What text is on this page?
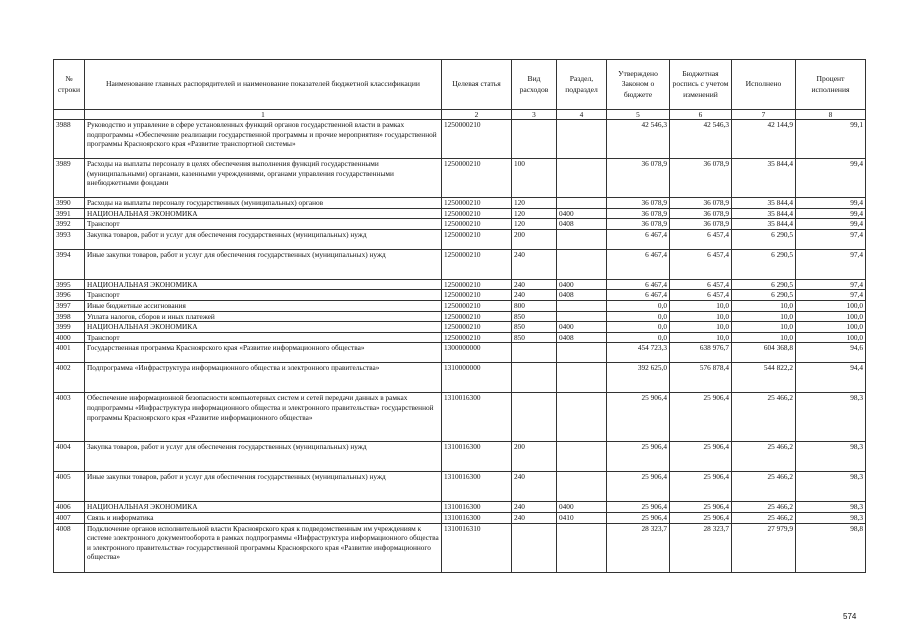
№ строки	Наименование главных распорядителей и наименование показателей бюджетной классификации	Целевая статья	Вид расходов	Раздел, подраздел	Утверждено Законом о бюджете	Бюджетная роспись с учетом изменений	Исполнено	Процент исполнения
	1	2	3	4	5	6	7	8
3988	Руководство и управление в сфере установленных функций органов государственной власти в рамках подпрограммы «Обеспечение реализации государственной программы и прочие мероприятия» государственной программы Красноярского края «Развитие транспортной системы»	1250000210			42 546,3	42 546,3	42 144,9	99,1
3989	Расходы на выплаты персоналу в целях обеспечения выполнения функций государственными (муниципальными) органами, казенными учреждениями, органами управления государственными внебюджетными фондами	1250000210	100		36 078,9	36 078,9	35 844,4	99,4
3990	Расходы на выплаты персоналу государственных (муниципальных) органов	1250000210	120		36 078,9	36 078,9	35 844,4	99,4
3991	НАЦИОНАЛЬНАЯ ЭКОНОМИКА	1250000210	120	0400	36 078,9	36 078,9	35 844,4	99,4
3992	Транспорт	1250000210	120	0408	36 078,9	36 078,9	35 844,4	99,4
3993	Закупка товаров, работ и услуг для обеспечения государственных (муниципальных) нужд	1250000210	200		6 467,4	6 457,4	6 290,5	97,4
3994	Иные закупки товаров, работ и услуг для обеспечения государственных (муниципальных) нужд	1250000210	240		6 467,4	6 457,4	6 290,5	97,4
3995	НАЦИОНАЛЬНАЯ ЭКОНОМИКА	1250000210	240	0400	6 467,4	6 457,4	6 290,5	97,4
3996	Транспорт	1250000210	240	0408	6 467,4	6 457,4	6 290,5	97,4
3997	Иные бюджетные ассигнования	1250000210	800		0,0	10,0	10,0	100,0
3998	Уплата налогов, сборов и иных платежей	1250000210	850		0,0	10,0	10,0	100,0
3999	НАЦИОНАЛЬНАЯ ЭКОНОМИКА	1250000210	850	0400	0,0	10,0	10,0	100,0
4000	Транспорт	1250000210	850	0408	0,0	10,0	10,0	100,0
4001	Государственная программа Красноярского края «Развитие информационного общества»	1300000000			454 723,3	638 976,7	604 368,8	94,6
4002	Подпрограмма «Инфраструктура информационного общества и электронного правительства»	1310000000			392 625,0	576 878,4	544 822,2	94,4
4003	Обеспечение информационной безопасности компьютерных систем и сетей передачи данных в рамках подпрограммы «Инфраструктура информационного общества и электронного правительства» государственной программы Красноярского края «Развитие информационного общества»	1310016300			25 906,4	25 906,4	25 466,2	98,3
4004	Закупка товаров, работ и услуг для обеспечения государственных (муниципальных) нужд	1310016300	200		25 906,4	25 906,4	25 466,2	98,3
4005	Иные закупки товаров, работ и услуг для обеспечения государственных (муниципальных) нужд	1310016300	240		25 906,4	25 906,4	25 466,2	98,3
4006	НАЦИОНАЛЬНАЯ ЭКОНОМИКА	1310016300	240	0400	25 906,4	25 906,4	25 466,2	98,3
4007	Связь и информатика	1310016300	240	0410	25 906,4	25 906,4	25 466,2	98,3
4008	Подключение органов исполнительной власти Красноярского края к подведомственным им учреждениям к системе электронного документооборота в рамках подпрограммы «Инфраструктура информационного общества и электронного правительства» государственной программы Красноярского края «Развитие информационного общества»	1310016310			28 323,7	28 323,7	27 979,9	98,8
574
